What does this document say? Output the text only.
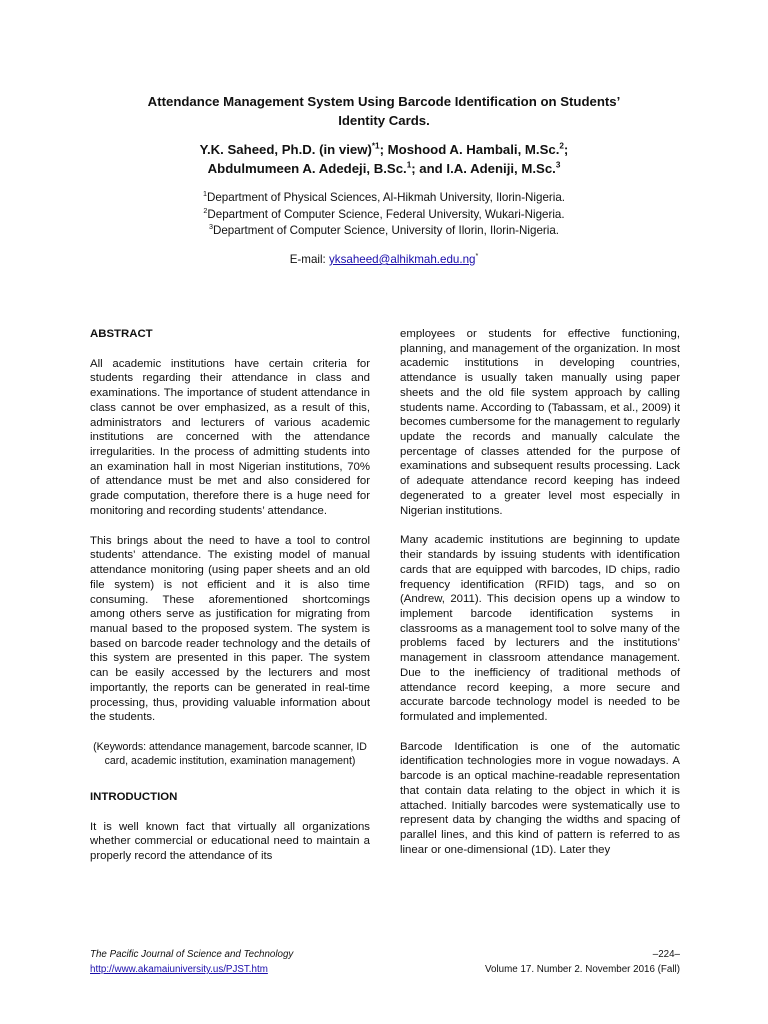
Attendance Management System Using Barcode Identification on Students’
Identity Cards.
Y.K. Saheed, Ph.D. (in view)$^{*1}$; Moshood A. Hambali, M.Sc.$^2$;
Abdulmumeen A. Adedeji, B.Sc.$^1$; and I.A. Adeniji, M.Sc.$^3$
$^1$Department of Physical Sciences, Al-Hikmah University, Ilorin-Nigeria.
$^2$Department of Computer Science, Federal University, Wukari-Nigeria.
$^3$Department of Computer Science, University of Ilorin, Ilorin-Nigeria.
E-mail: yksaheed@alhikmah.edu.ng*

ABSTRACT

All academic institutions have certain criteria for students regarding their attendance in class and examinations. The importance of student attendance in class cannot be over emphasized, as a result of this, administrators and lecturers of various academic institutions are concerned with the attendance irregularities. In the process of admitting students into an examination hall in most Nigerian institutions, 70% of attendance must be met and also considered for grade computation, therefore there is a huge need for monitoring and recording students’ attendance.

This brings about the need to have a tool to control students’ attendance. The existing model of manual attendance monitoring (using paper sheets and an old file system) is not efficient and it is also time consuming. These aforementioned shortcomings among others serve as justification for migrating from manual based to the proposed system. The system is based on barcode reader technology and the details of this system are presented in this paper. The system can be easily accessed by the lecturers and most importantly, the reports can be generated in real-time processing, thus, providing valuable information about the students.

(Keywords: attendance management, barcode scanner, ID card, academic institution, examination management)

INTRODUCTION

It is well known fact that virtually all organizations whether commercial or educational need to maintain a properly record the attendance of its

employees or students for effective functioning, planning, and management of the organization. In most academic institutions in developing countries, attendance is usually taken manually using paper sheets and the old file system approach by calling students name. According to (Tabassam, et al., 2009) it becomes cumbersome for the management to regularly update the records and manually calculate the percentage of classes attended for the purpose of examinations and subsequent results processing. Lack of adequate attendance record keeping has indeed degenerated to a greater level most especially in Nigerian institutions.

Many academic institutions are beginning to update their standards by issuing students with identification cards that are equipped with barcodes, ID chips, radio frequency identification (RFID) tags, and so on (Andrew, 2011). This decision opens up a window to implement barcode identification systems in classrooms as a management tool to solve many of the problems faced by lecturers and the institutions’ management in classroom attendance management. Due to the inefficiency of traditional methods of attendance record keeping, a more secure and accurate barcode technology model is needed to be formulated and implemented.

Barcode Identification is one of the automatic identification technologies more in vogue nowadays. A barcode is an optical machine-readable representation that contain data relating to the object in which it is attached. Initially barcodes were systematically use to represent data by changing the widths and spacing of parallel lines, and this kind of pattern is referred to as linear or one-dimensional (1D). Later they

The Pacific Journal of Science and Technology
http://www.akamaiuniversity.us/PJST.htm
–224–
Volume 17. Number 2. November 2016 (Fall)
